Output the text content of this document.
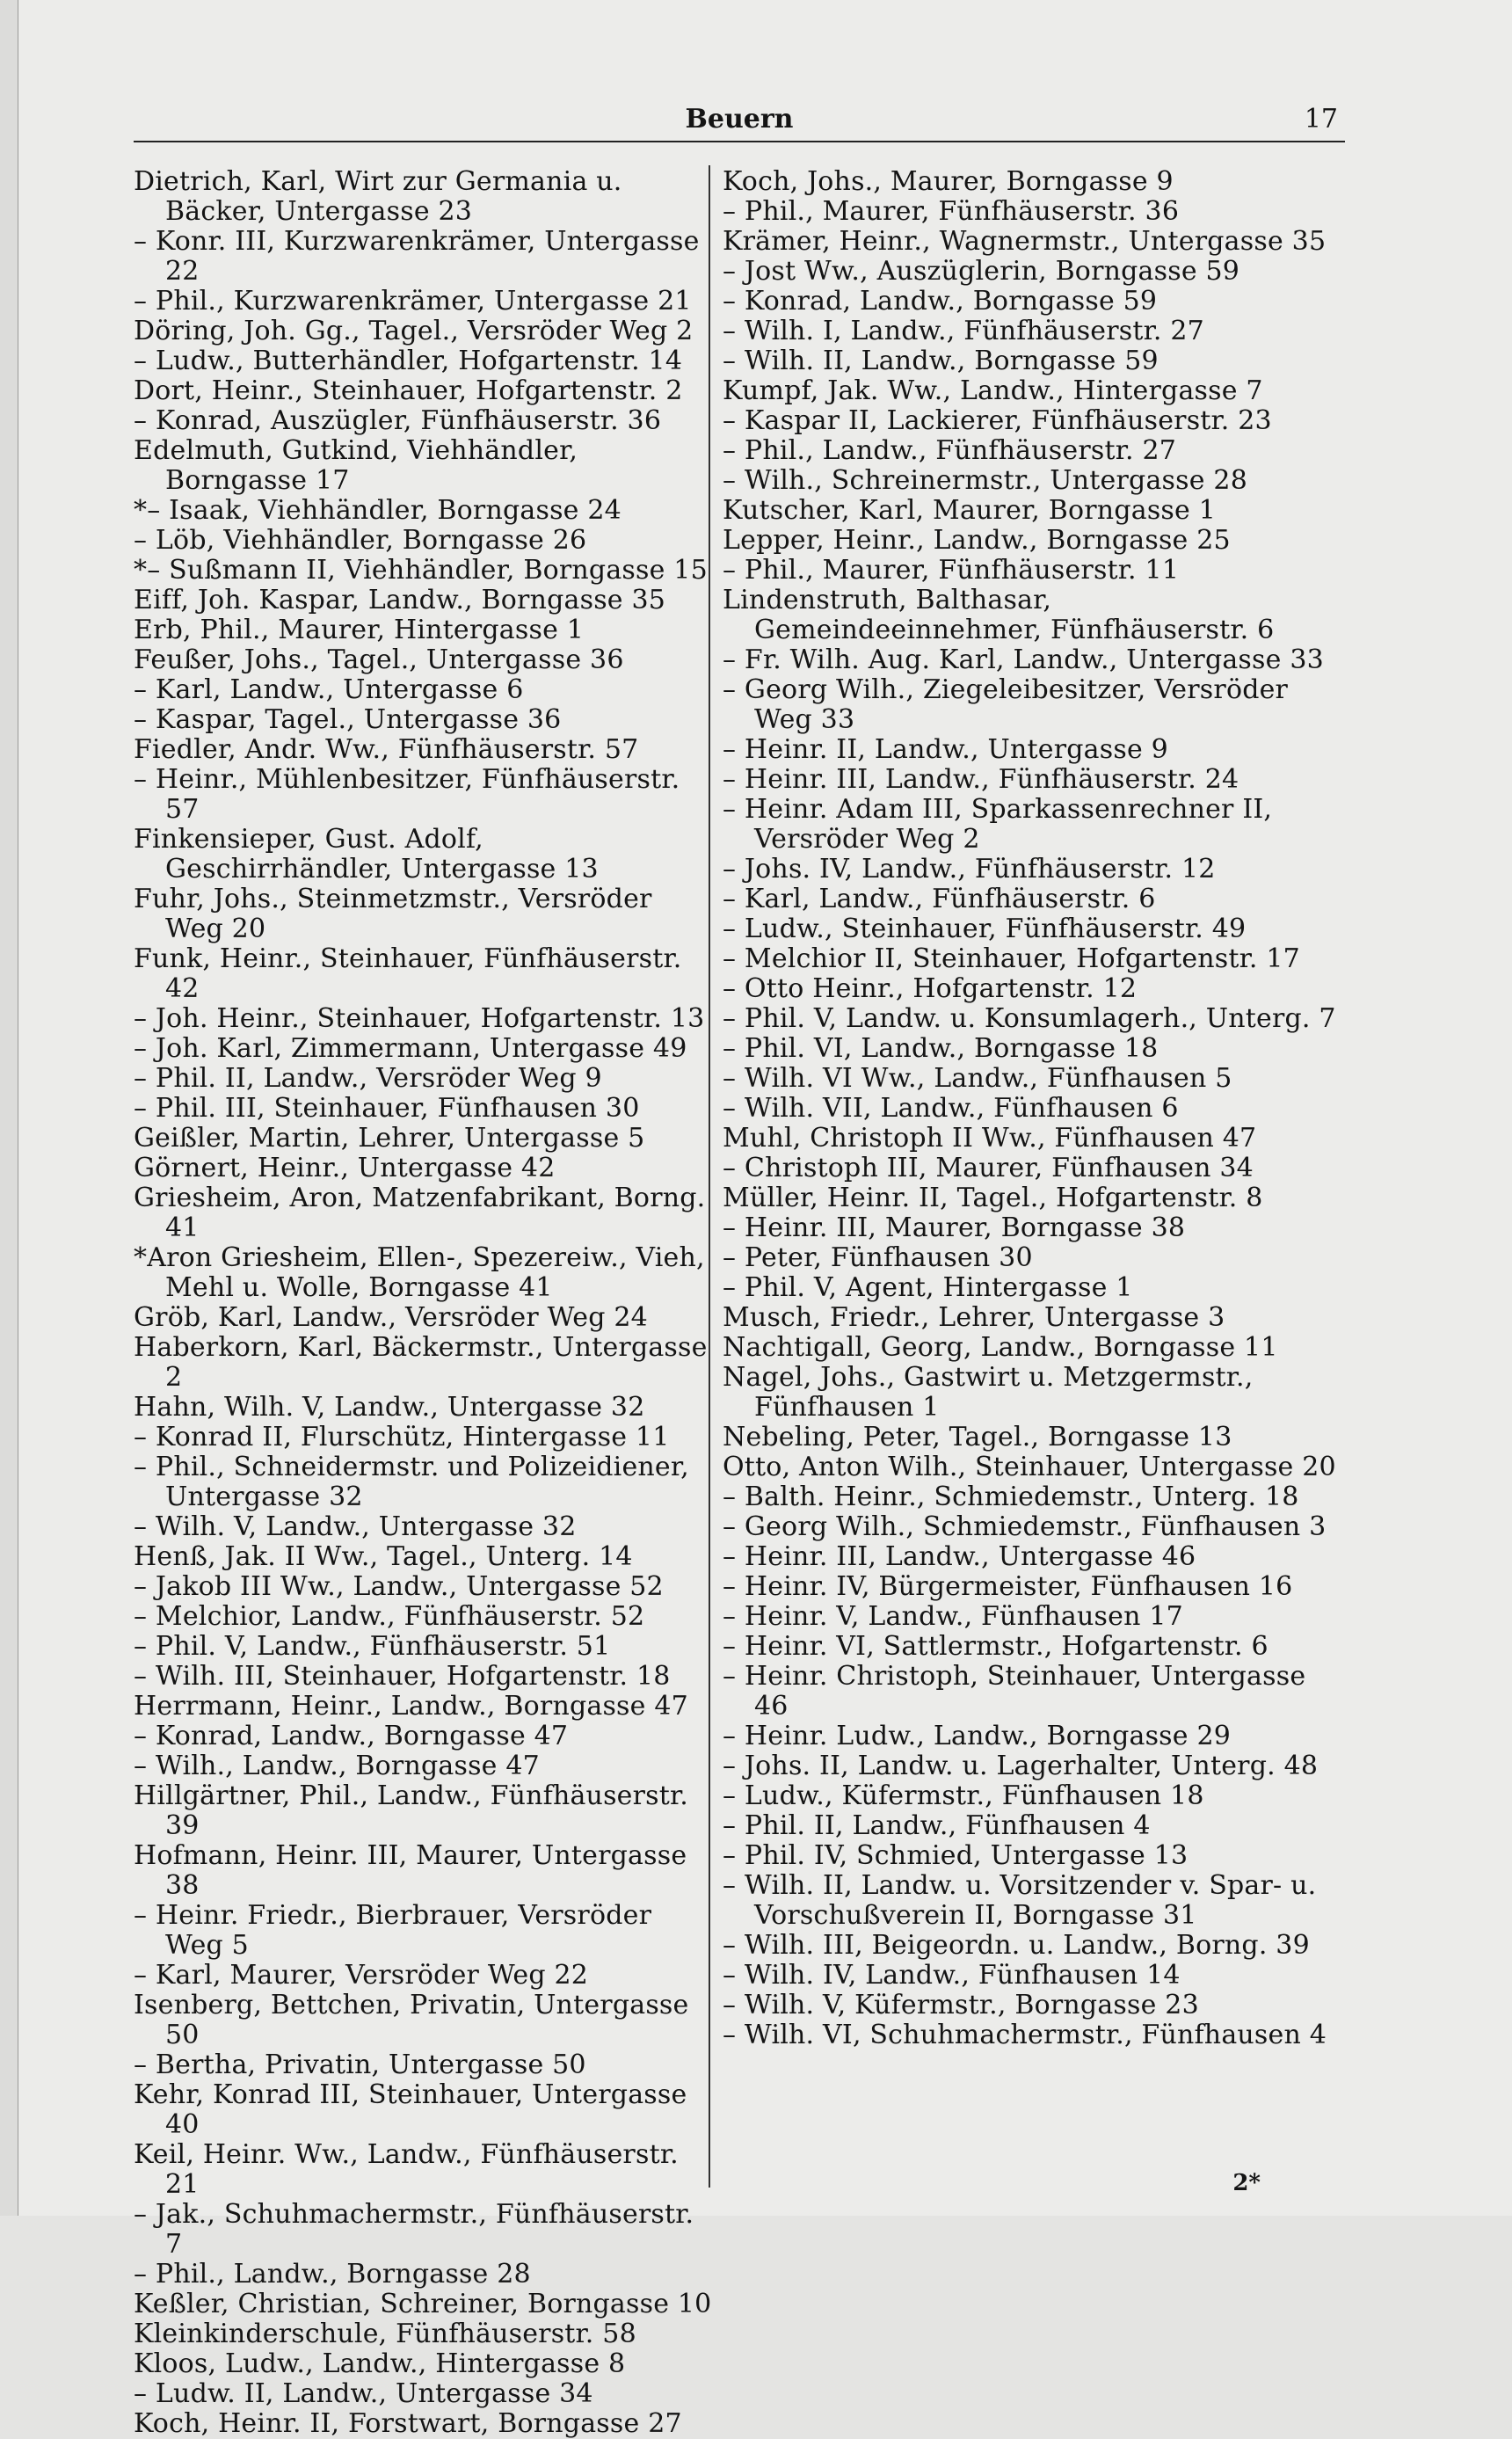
Beuern	17
Dietrich, Karl, Wirt zur Germania u. Bäcker, Untergasse 23
– Konr. III, Kurzwarenkrämer, Untergasse 22
– Phil., Kurzwarenkrämer, Untergasse 21
Döring, Joh. Gg., Tagel., Versröder Weg 2
– Ludw., Butterhändler, Hofgartenstr. 14
Dort, Heinr., Steinhauer, Hofgartenstr. 2
– Konrad, Auszügler, Fünfhäuserstr. 36
Edelmuth, Gutkind, Viehhändler, Borngasse 17
*– Isaak, Viehhändler, Borngasse 24
– Löb, Viehhändler, Borngasse 26
*– Sußmann II, Viehhändler, Borngasse 15
Eiff, Joh. Kaspar, Landw., Borngasse 35
Erb, Phil., Maurer, Hintergasse 1
Feußer, Johs., Tagel., Untergasse 36
– Karl, Landw., Untergasse 6
– Kaspar, Tagel., Untergasse 36
Fiedler, Andr. Ww., Fünfhäuserstr. 57
– Heinr., Mühlenbesitzer, Fünfhäuserstr. 57
Finkensieper, Gust. Adolf, Geschirrhändler, Untergasse 13
Fuhr, Johs., Steinmetzmstr., Versröder Weg 20
Funk, Heinr., Steinhauer, Fünfhäuserstr. 42
– Joh. Heinr., Steinhauer, Hofgartenstr. 13
– Joh. Karl, Zimmermann, Untergasse 49
– Phil. II, Landw., Versröder Weg 9
– Phil. III, Steinhauer, Fünfhausen 30
Geißler, Martin, Lehrer, Untergasse 5
Görnert, Heinr., Untergasse 42
Griesheim, Aron, Matzenfabrikant, Borng. 41
*Aron Griesheim, Ellen-, Spezereiw., Vieh, Mehl u. Wolle, Borngasse 41
Gröb, Karl, Landw., Versröder Weg 24
Haberkorn, Karl, Bäckermstr., Untergasse 2
Hahn, Wilh. V, Landw., Untergasse 32
– Konrad II, Flurschütz, Hintergasse 11
– Phil., Schneidermstr. und Polizeidiener, Untergasse 32
– Wilh. V, Landw., Untergasse 32
Henß, Jak. II Ww., Tagel., Unterg. 14
– Jakob III Ww., Landw., Untergasse 52
– Melchior, Landw., Fünfhäuserstr. 52
– Phil. V, Landw., Fünfhäuserstr. 51
– Wilh. III, Steinhauer, Hofgartenstr. 18
Herrmann, Heinr., Landw., Borngasse 47
– Konrad, Landw., Borngasse 47
– Wilh., Landw., Borngasse 47
Hillgärtner, Phil., Landw., Fünfhäuserstr. 39
Hofmann, Heinr. III, Maurer, Untergasse 38
– Heinr. Friedr., Bierbrauer, Versröder Weg 5
– Karl, Maurer, Versröder Weg 22
Isenberg, Bettchen, Privatin, Untergasse 50
– Bertha, Privatin, Untergasse 50
Kehr, Konrad III, Steinhauer, Untergasse 40
Keil, Heinr. Ww., Landw., Fünfhäuserstr. 21
– Jak., Schuhmachermstr., Fünfhäuserstr. 7
– Phil., Landw., Borngasse 28
Keßler, Christian, Schreiner, Borngasse 10
Kleinkinderschule, Fünfhäuserstr. 58
Kloos, Ludw., Landw., Hintergasse 8
– Ludw. II, Landw., Untergasse 34
Koch, Heinr. II, Forstwart, Borngasse 27
Koch, Johs., Maurer, Borngasse 9
– Phil., Maurer, Fünfhäuserstr. 36
Krämer, Heinr., Wagnermstr., Untergasse 35
– Jost Ww., Auszüglerin, Borngasse 59
– Konrad, Landw., Borngasse 59
– Wilh. I, Landw., Fünfhäuserstr. 27
– Wilh. II, Landw., Borngasse 59
Kumpf, Jak. Ww., Landw., Hintergasse 7
– Kaspar II, Lackierer, Fünfhäuserstr. 23
– Phil., Landw., Fünfhäuserstr. 27
– Wilh., Schreinermstr., Untergasse 28
Kutscher, Karl, Maurer, Borngasse 1
Lepper, Heinr., Landw., Borngasse 25
– Phil., Maurer, Fünfhäuserstr. 11
Lindenstruth, Balthasar, Gemeindeeinnehmer, Fünfhäuserstr. 6
– Fr. Wilh. Aug. Karl, Landw., Untergasse 33
– Georg Wilh., Ziegeleibesitzer, Versröder Weg 33
– Heinr. II, Landw., Untergasse 9
– Heinr. III, Landw., Fünfhäuserstr. 24
– Heinr. Adam III, Sparkassenrechner II, Versröder Weg 2
– Johs. IV, Landw., Fünfhäuserstr. 12
– Karl, Landw., Fünfhäuserstr. 6
– Ludw., Steinhauer, Fünfhäuserstr. 49
– Melchior II, Steinhauer, Hofgartenstr. 17
– Otto Heinr., Hofgartenstr. 12
– Phil. V, Landw. u. Konsumlagerh., Unterg. 7
– Phil. VI, Landw., Borngasse 18
– Wilh. VI Ww., Landw., Fünfhausen 5
– Wilh. VII, Landw., Fünfhausen 6
Muhl, Christoph II Ww., Fünfhausen 47
– Christoph III, Maurer, Fünfhausen 34
Müller, Heinr. II, Tagel., Hofgartenstr. 8
– Heinr. III, Maurer, Borngasse 38
– Peter, Fünfhausen 30
– Phil. V, Agent, Hintergasse 1
Musch, Friedr., Lehrer, Untergasse 3
Nachtigall, Georg, Landw., Borngasse 11
Nagel, Johs., Gastwirt u. Metzgermstr., Fünfhausen 1
Nebeling, Peter, Tagel., Borngasse 13
Otto, Anton Wilh., Steinhauer, Untergasse 20
– Balth. Heinr., Schmiedemstr., Unterg. 18
– Georg Wilh., Schmiedemstr., Fünfhausen 3
– Heinr. III, Landw., Untergasse 46
– Heinr. IV, Bürgermeister, Fünfhausen 16
– Heinr. V, Landw., Fünfhausen 17
– Heinr. VI, Sattlermstr., Hofgartenstr. 6
– Heinr. Christoph, Steinhauer, Untergasse 46
– Heinr. Ludw., Landw., Borngasse 29
– Johs. II, Landw. u. Lagerhalter, Unterg. 48
– Ludw., Küfermstr., Fünfhausen 18
– Phil. II, Landw., Fünfhausen 4
– Phil. IV, Schmied, Untergasse 13
– Wilh. II, Landw. u. Vorsitzender v. Spar- u. Vorschußverein II, Borngasse 31
– Wilh. III, Beigeordn. u. Landw., Borng. 39
– Wilh. IV, Landw., Fünfhausen 14
– Wilh. V, Küfermstr., Borngasse 23
– Wilh. VI, Schuhmachermstr., Fünfhausen 4
2*
